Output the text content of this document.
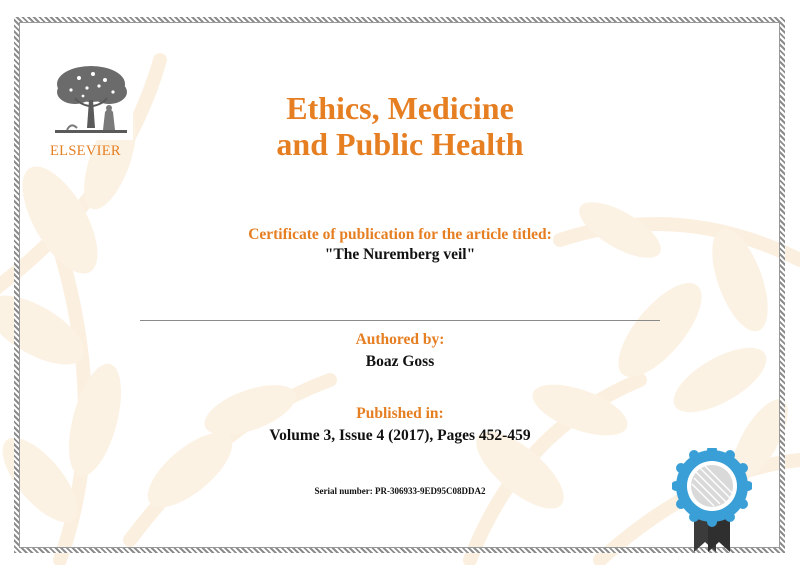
ELSEVIER
Ethics, Medicine
and Public Health
Certificate of publication for the article titled:
"The Nuremberg veil"
Authored by:
Boaz Goss
Published in:
Volume 3, Issue 4 (2017), Pages 452-459
Serial number: PR-306933-9ED95C08DDA2
